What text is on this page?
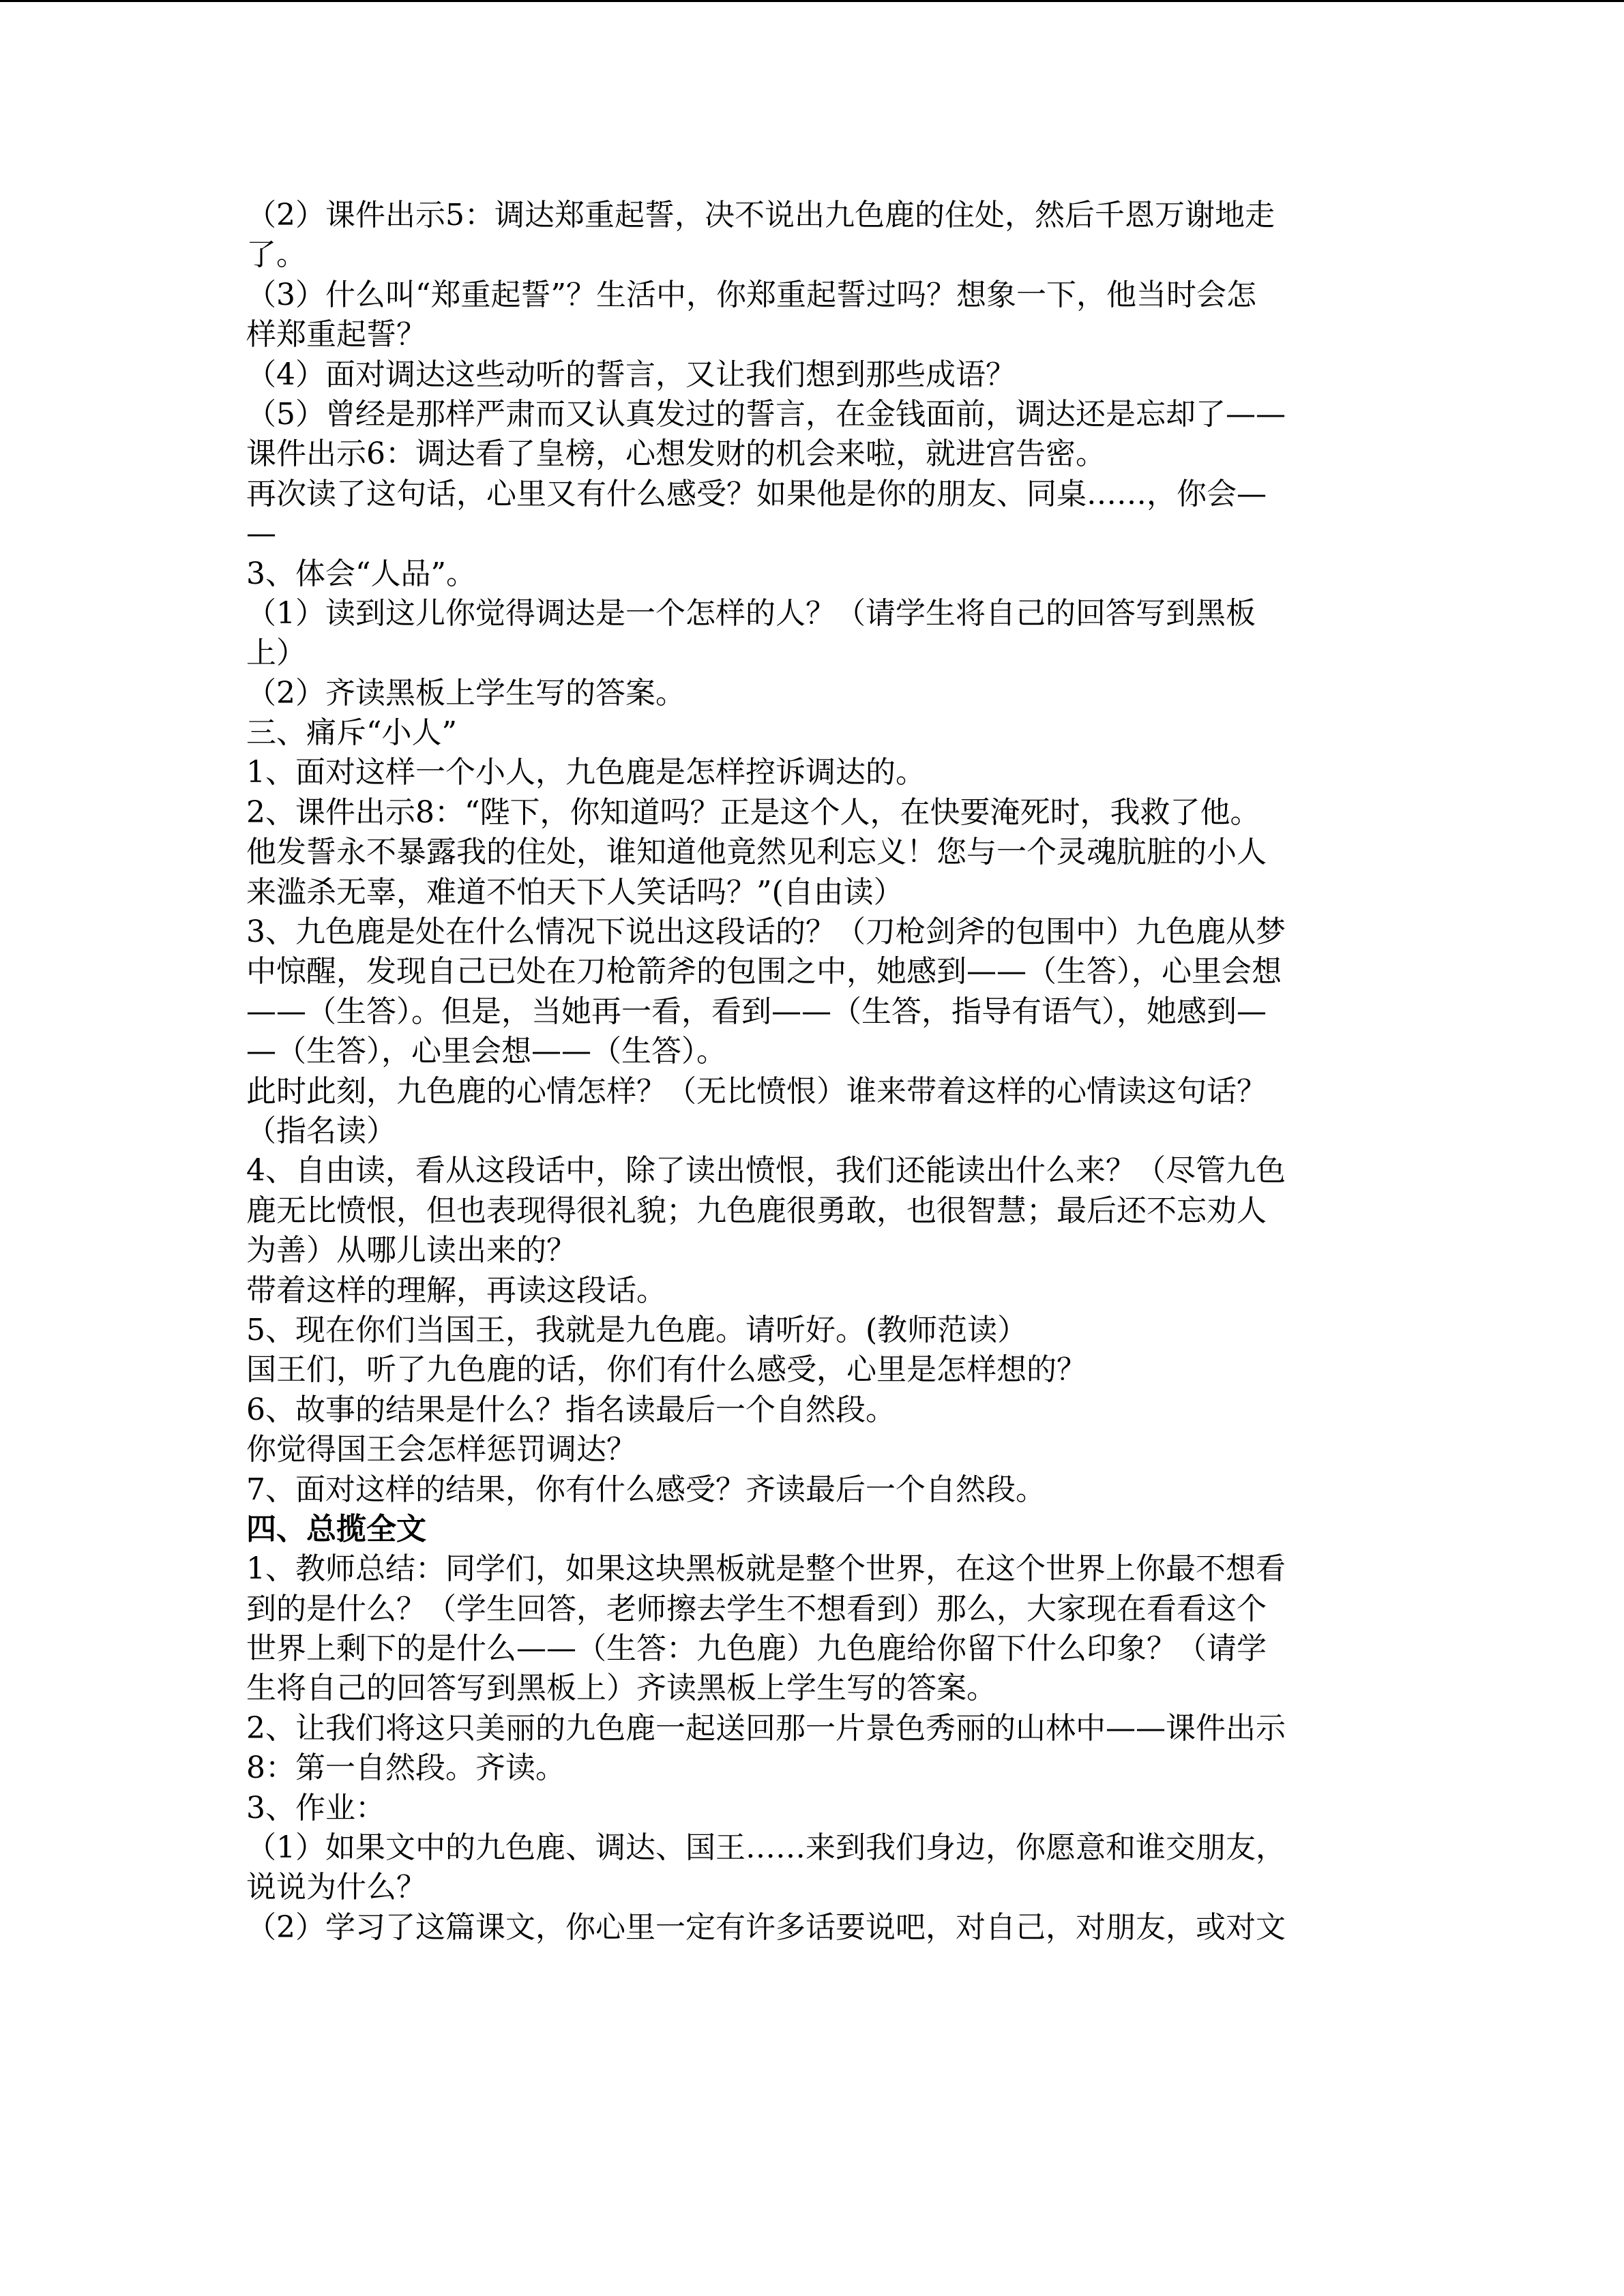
（2）课件出示5：调达郑重起誓，决不说出九色鹿的住处，然后千恩万谢地走
了。
（3）什么叫“郑重起誓”？生活中，你郑重起誓过吗？想象一下，他当时会怎
样郑重起誓？
（4）面对调达这些动听的誓言，又让我们想到那些成语？
（5）曾经是那样严肃而又认真发过的誓言，在金钱面前，调达还是忘却了——
课件出示6：调达看了皇榜，心想发财的机会来啦，就进宫告密。
再次读了这句话，心里又有什么感受？如果他是你的朋友、同桌……，你会—
—
3、体会“人品”。
（1）读到这儿你觉得调达是一个怎样的人？（请学生将自己的回答写到黑板
上）
（2）齐读黑板上学生写的答案。
三、痛斥“小人”
1、面对这样一个小人，九色鹿是怎样控诉调达的。
2、课件出示8：“陛下，你知道吗？正是这个人，在快要淹死时，我救了他。
他发誓永不暴露我的住处，谁知道他竟然见利忘义！您与一个灵魂肮脏的小人
来滥杀无辜，难道不怕天下人笑话吗？”(自由读）
3、九色鹿是处在什么情况下说出这段话的？（刀枪剑斧的包围中）九色鹿从梦
中惊醒，发现自己已处在刀枪箭斧的包围之中，她感到——（生答），心里会想
——（生答）。但是，当她再一看，看到——（生答，指导有语气），她感到—
—（生答），心里会想——（生答）。
此时此刻，九色鹿的心情怎样？（无比愤恨）谁来带着这样的心情读这句话？
（指名读）
4、自由读，看从这段话中，除了读出愤恨，我们还能读出什么来？（尽管九色
鹿无比愤恨，但也表现得很礼貌；九色鹿很勇敢，也很智慧；最后还不忘劝人
为善）从哪儿读出来的？
带着这样的理解，再读这段话。
5、现在你们当国王，我就是九色鹿。请听好。(教师范读）
国王们，听了九色鹿的话，你们有什么感受，心里是怎样想的？
6、故事的结果是什么？指名读最后一个自然段。
你觉得国王会怎样惩罚调达？
7、面对这样的结果，你有什么感受？齐读最后一个自然段。
四、总揽全文
1、教师总结：同学们，如果这块黑板就是整个世界，在这个世界上你最不想看
到的是什么？（学生回答，老师擦去学生不想看到）那么，大家现在看看这个
世界上剩下的是什么——（生答：九色鹿）九色鹿给你留下什么印象？（请学
生将自己的回答写到黑板上）齐读黑板上学生写的答案。
2、让我们将这只美丽的九色鹿一起送回那一片景色秀丽的山林中——课件出示
8：第一自然段。齐读。
3、作业：
（1）如果文中的九色鹿、调达、国王……来到我们身边，你愿意和谁交朋友，
说说为什么？
（2）学习了这篇课文，你心里一定有许多话要说吧，对自己，对朋友，或对文
